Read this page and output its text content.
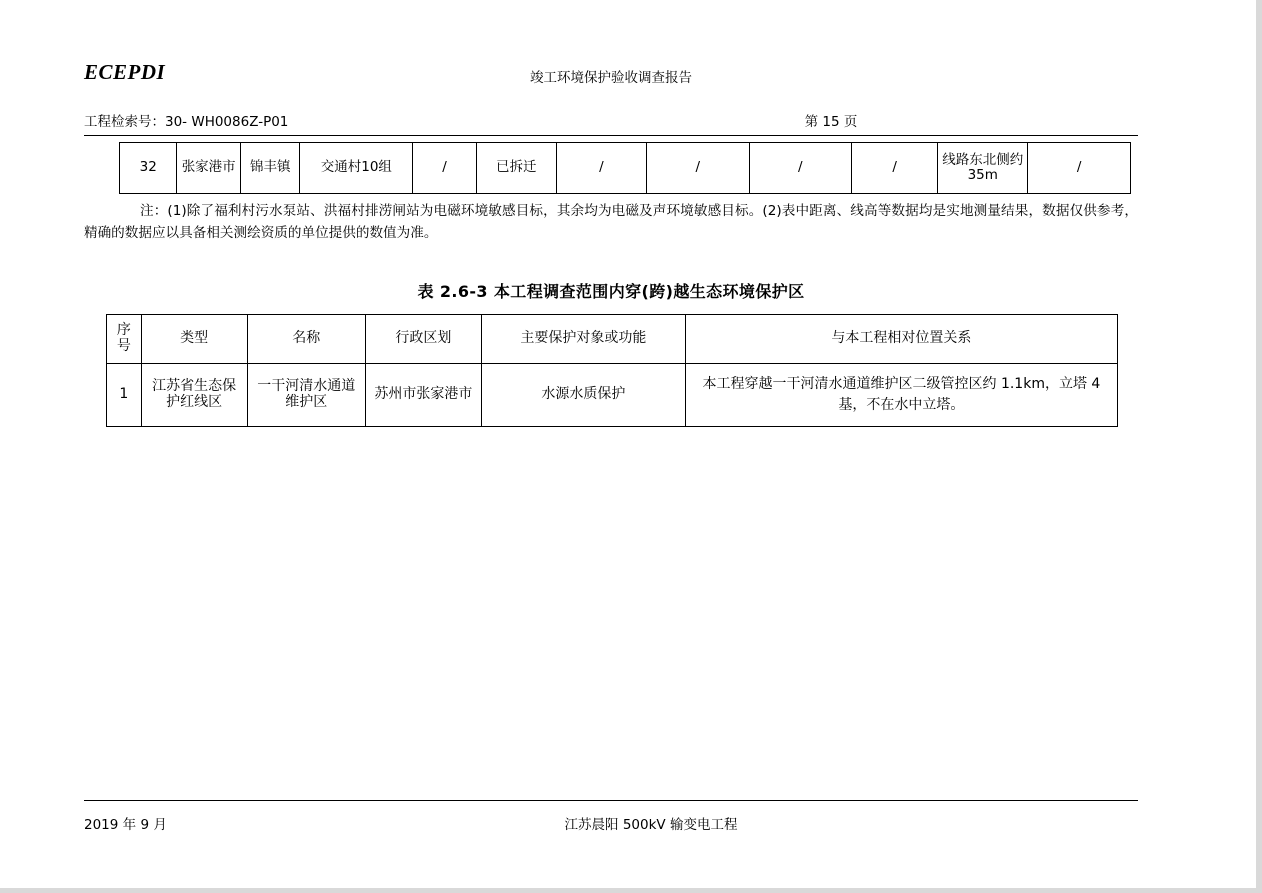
ECEPDI	竣工环境保护验收调查报告
工程检索号：30- WH0086Z-P01	第 15 页
32	张家港市	锦丰镇	交通村10组	/	已拆迁	/	/	/	/	线路东北侧约35m	/
注：(1)除了福利村污水泵站、洪福村排涝闸站为电磁环境敏感目标，其余均为电磁及声环境敏感目标。(2)表中距离、线高等数据均是实地测量结果，数据仅供参考，精确的数据应以具备相关测绘资质的单位提供的数值为准。
表 2.6-3 本工程调查范围内穿(跨)越生态环境保护区
序号	类型	名称	行政区划	主要保护对象或功能	与本工程相对位置关系
1	江苏省生态保护红线区	一干河清水通道维护区	苏州市张家港市	水源水质保护	本工程穿越一干河清水通道维护区二级管控区约 1.1km，立塔 4 基，不在水中立塔。
2019 年 9 月	江苏晨阳 500kV 输变电工程
